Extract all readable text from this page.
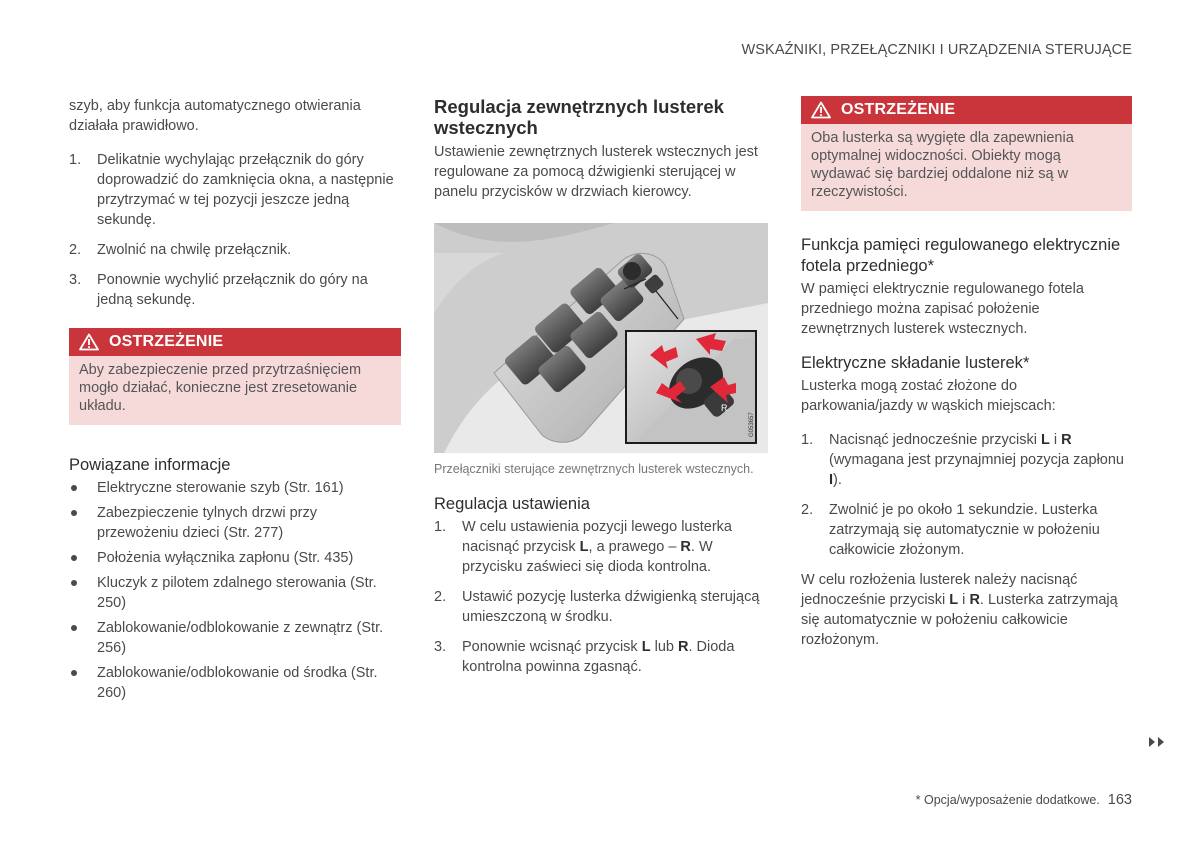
WSKAŹNIKI, PRZEŁĄCZNIKI I URZĄDZENIA STERUJĄCE

szyb, aby funkcja automatycznego otwierania działała prawidłowo.

1. Delikatnie wychylając przełącznik do góry doprowadzić do zamknięcia okna, a następnie przytrzymać w tej pozycji jeszcze jedną sekundę.
2. Zwolnić na chwilę przełącznik.
3. Ponownie wychylić przełącznik do góry na jedną sekundę.
OSTRZEŻENIE
Aby zabezpieczenie przed przytrzaśnięciem mogło działać, konieczne jest zresetowanie układu.
Powiązane informacje
Elektryczne sterowanie szyb (Str. 161)
Zabezpieczenie tylnych drzwi przy przewożeniu dzieci (Str. 277)
Położenia wyłącznika zapłonu (Str. 435)
Kluczyk z pilotem zdalnego sterowania (Str. 250)
Zablokowanie/odblokowanie z zewnątrz (Str. 256)
Zablokowanie/odblokowanie od środka (Str. 260)
Regulacja zewnętrznych lusterek wstecznych

Ustawienie zewnętrznych lusterek wstecznych jest regulowane za pomocą dźwigienki sterującej w panelu przycisków w drzwiach kierowcy.

R
G053657
Przełączniki sterujące zewnętrznych lusterek wstecznych.
Regulacja ustawienia
1. W celu ustawienia pozycji lewego lusterka nacisnąć przycisk L, a prawego – R. W przycisku zaświeci się dioda kontrolna.
2. Ustawić pozycję lusterka dźwigienką sterującą umieszczoną w środku.
3. Ponownie wcisnąć przycisk L lub R. Dioda kontrolna powinna zgasnąć.
OSTRZEŻENIE
Oba lusterka są wygięte dla zapewnienia optymalnej widoczności. Obiekty mogą wydawać się bardziej oddalone niż są w rzeczywistości.
Funkcja pamięci regulowanego elektrycznie fotela przedniego*

W pamięci elektrycznie regulowanego fotela przedniego można zapisać położenie zewnętrznych lusterek wstecznych.

Elektryczne składanie lusterek*

Lusterka mogą zostać złożone do parkowania/jazdy w wąskich miejscach:

1. Nacisnąć jednocześnie przyciski L i R (wymagana jest przynajmniej pozycja zapłonu I).
2. Zwolnić je po około 1 sekundzie. Lusterka zatrzymają się automatycznie w położeniu całkowicie złożonym.

W celu rozłożenia lusterek należy nacisnąć jednocześnie przyciski L i R. Lusterka zatrzymają się automatycznie w położeniu całkowicie rozłożonym.

* Opcja/wyposażenie dodatkowe. 163
